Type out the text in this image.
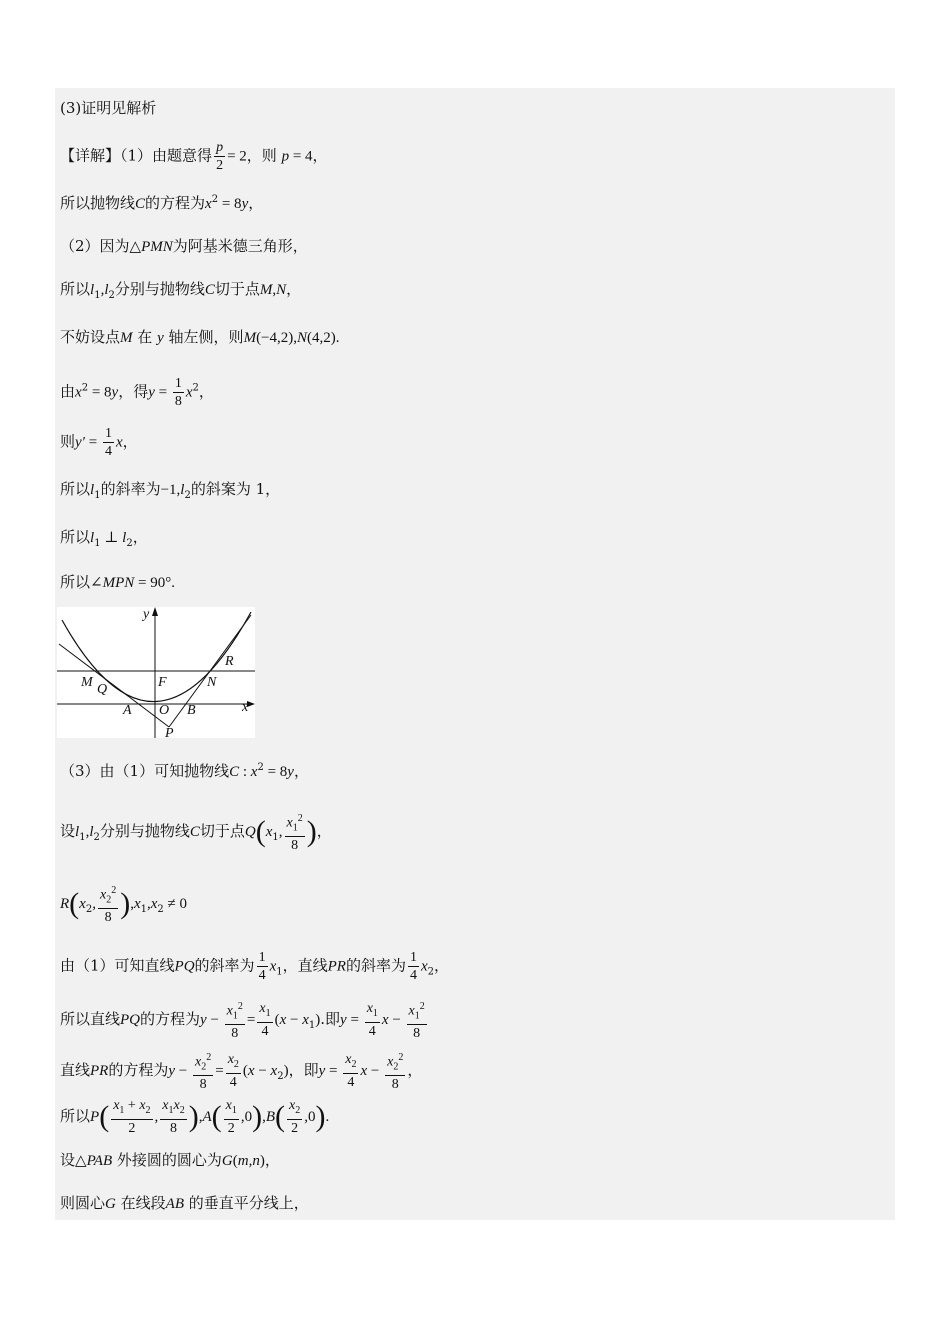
(3)证明见解析
【详解】（1）由题意得 $\frac{p}{2} = 2$，则 p = 4，
所以抛物线C的方程为$x^2 = 8y$，
（2）因为△PMN为阿基米德三角形，
所以$l_1,l_2$分别与抛物线C切于点M,N，
不妨设点M 在 y 轴左侧，则M(−4,2),N(4,2).
由$x^2 = 8y$，得$y = \frac{1}{8} x^2$，
则$y' = \frac{1}{4}$ x，
所以$l_1$的斜率为$-1,l_2$的斜案为 1，
所以$l_1$ ⊥ $l_2$，
所以∠MPN = 90°.
y
x
M Q	F	N
R
A O B
P
（3）由（1）可知抛物线C : $x^2 = 8y$，
设$l_1,l_2$分别与抛物线C切于点$Q(x_1$, $\frac{x_1^2}{8}$ )，
$R(x_2$, $\frac{x_2^2}{8} ),x_1,x_2 \ne 0$
由（1）可知直线PQ的斜率为 $\frac{1}{4} x_1$，直线PR的斜率为 $\frac{1}{4} x_2$，
所以直线PQ的方程为$y - \frac{x_1^2}{8} = \frac{x_1}{4} (x - x_1)$.即$y = \frac{x_1}{4}$ $x - \frac{x_1^2}{8}$
直线PR的方程为$y - \frac{x_2^2}{8} = \frac{x_2}{4} (x - x_2)$，即$y = \frac{x_2}{4}$ $x - \frac{x_2^2}{8}$ ，
所以$P( \frac{x_1 + x_2}{2}$ , $\frac{x_1x_2}{8} ),A( \frac{x_1}{2} ,0),B( \frac{x_2}{2} ,0)$.
设△PAB 外接圆的圆心为G(m,n)，
则圆心G 在线段AB 的垂直平分线上，
